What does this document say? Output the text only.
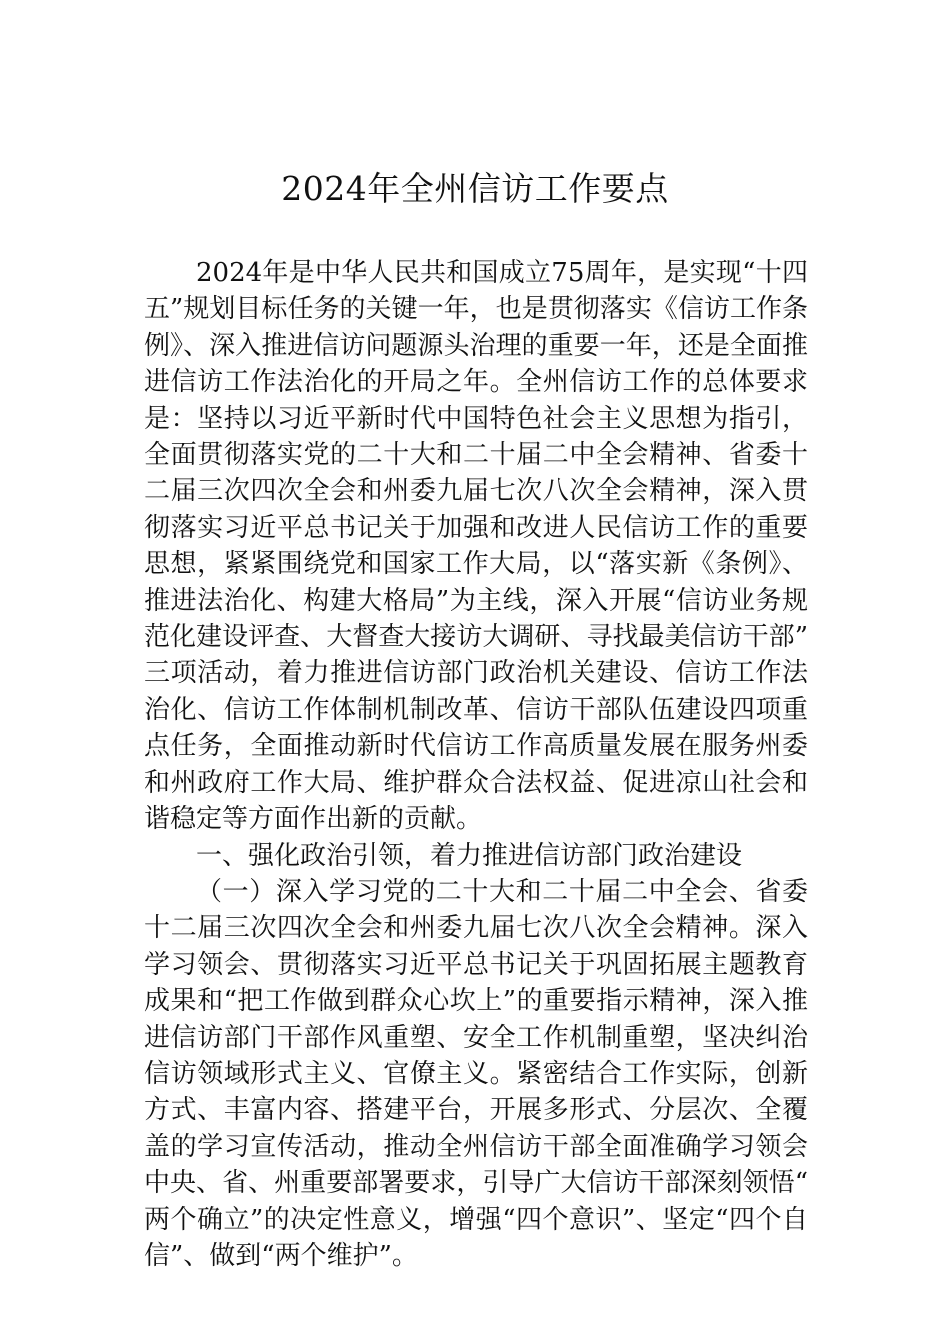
2024年全州信访工作要点

2024年是中华人民共和国成立75周年，是实现“十四五”规划目标任务的关键一年，也是贯彻落实《信访工作条例》、深入推进信访问题源头治理的重要一年，还是全面推进信访工作法治化的开局之年。全州信访工作的总体要求是：坚持以习近平新时代中国特色社会主义思想为指引，全面贯彻落实党的二十大和二十届二中全会精神、省委十二届三次四次全会和州委九届七次八次全会精神，深入贯彻落实习近平总书记关于加强和改进人民信访工作的重要思想，紧紧围绕党和国家工作大局，以“落实新《条例》、推进法治化、构建大格局”为主线，深入开展“信访业务规范化建设评查、大督查大接访大调研、寻找最美信访干部”三项活动，着力推进信访部门政治机关建设、信访工作法治化、信访工作体制机制改革、信访干部队伍建设四项重点任务，全面推动新时代信访工作高质量发展在服务州委和州政府工作大局、维护群众合法权益、促进凉山社会和谐稳定等方面作出新的贡献。

一、强化政治引领，着力推进信访部门政治建设

（一）深入学习党的二十大和二十届二中全会、省委十二届三次四次全会和州委九届七次八次全会精神。深入学习领会、贯彻落实习近平总书记关于巩固拓展主题教育成果和“把工作做到群众心坎上”的重要指示精神，深入推进信访部门干部作风重塑、安全工作机制重塑，坚决纠治信访领域形式主义、官僚主义。紧密结合工作实际，创新方式、丰富内容、搭建平台，开展多形式、分层次、全覆盖的学习宣传活动，推动全州信访干部全面准确学习领会中央、省、州重要部署要求，引导广大信访干部深刻领悟“两个确立”的决定性意义，增强“四个意识”、坚定“四个自信”、做到“两个维护”。
